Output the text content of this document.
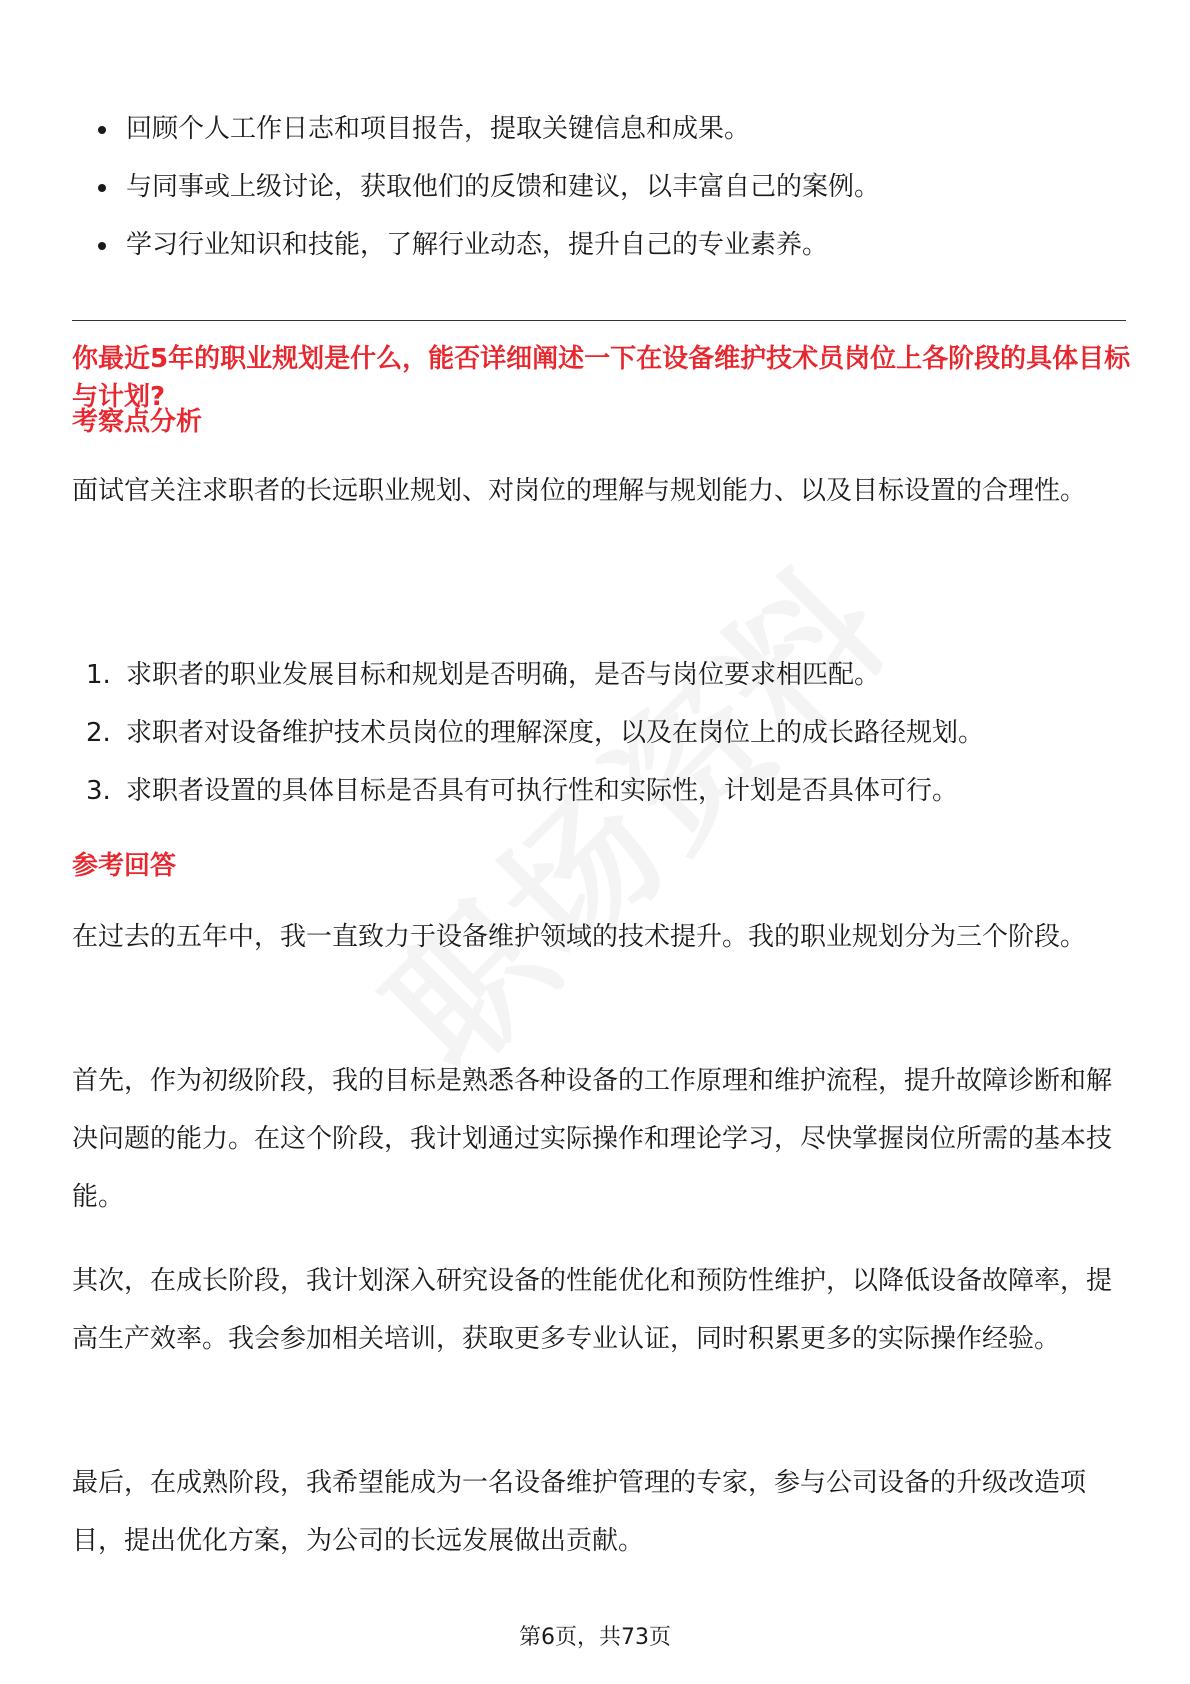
回顾个人工作日志和项目报告，提取关键信息和成果。
与同事或上级讨论，获取他们的反馈和建议，以丰富自己的案例。
学习行业知识和技能，了解行业动态，提升自己的专业素养。
你最近5年的职业规划是什么，能否详细阐述一下在设备维护技术员岗位上各阶段的具体目标与计划?
考察点分析

面试官关注求职者的长远职业规划、对岗位的理解与规划能力、以及目标设置的合理性。

1. 求职者的职业发展目标和规划是否明确，是否与岗位要求相匹配。
2. 求职者对设备维护技术员岗位的理解深度，以及在岗位上的成长路径规划。
3. 求职者设置的具体目标是否具有可执行性和实际性，计划是否具体可行。
参考回答

在过去的五年中，我一直致力于设备维护领域的技术提升。我的职业规划分为三个阶段。

首先，作为初级阶段，我的目标是熟悉各种设备的工作原理和维护流程，提升故障诊断和解决问题的能力。在这个阶段，我计划通过实际操作和理论学习，尽快掌握岗位所需的基本技能。

其次，在成长阶段，我计划深入研究设备的性能优化和预防性维护，以降低设备故障率，提高生产效率。我会参加相关培训，获取更多专业认证，同时积累更多的实际操作经验。

最后，在成熟阶段，我希望能成为一名设备维护管理的专家，参与公司设备的升级改造项目，提出优化方案，为公司的长远发展做出贡献。

第6页，共73页
